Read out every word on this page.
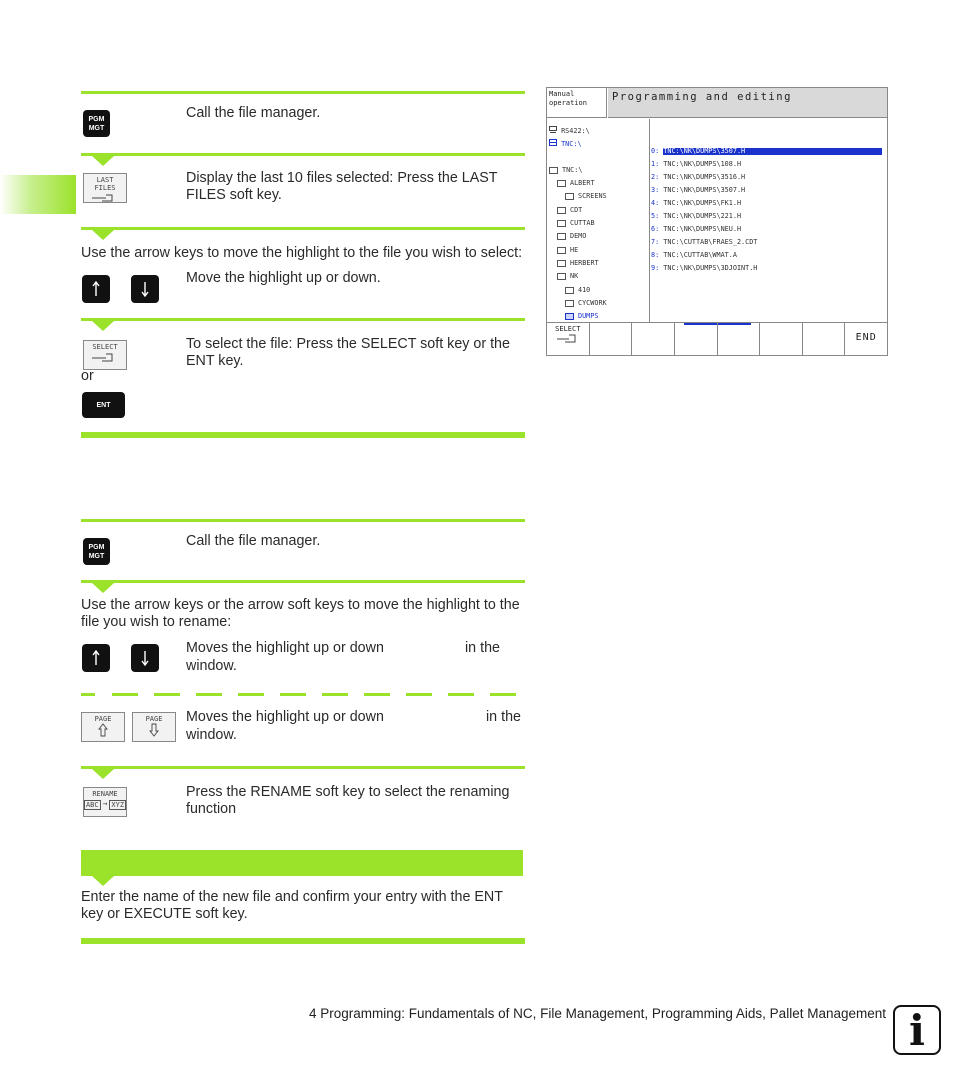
PGM
MGT
Call the file manager.
LAST
FILES
Display the last 10 files selected: Press the LAST FILES soft key.
Use the arrow keys to move the highlight to the file you wish to select:
Move the highlight up or down.
SELECT	To select the file: Press the SELECT soft key or the ENT key.
or
ENT
PGM
MGT
Call the file manager.
Use the arrow keys or the arrow soft keys to move the highlight to the file you wish to rename:
Moves the highlight up or down	in the
window.
PAGE	PAGE	Moves the highlight up or down	in the
window.
RENAME
ABC → XYZ
Press the RENAME soft key to select the renaming function
Enter the name of the new file and confirm your entry with the ENT key or EXECUTE soft key.
Manual
operation	Programming and editing
RS422:\
TNC:\
TNC:\
ALBERT
SCREENS
CDT
CUTTAB
DEMO
HE
HERBERT
NK
410
CYCWORK
DUMPS
0: TNC:\NK\DUMPS\3507.H
1: TNC:\NK\DUMPS\108.H
2: TNC:\NK\DUMPS\3516.H
3: TNC:\NK\DUMPS\3507.H
4: TNC:\NK\DUMPS\FK1.H
5: TNC:\NK\DUMPS\221.H
6: TNC:\NK\DUMPS\NEU.H
7: TNC:\CUTTAB\FRAES_2.CDT
8: TNC:\CUTTAB\WMAT.A
9: TNC:\NK\DUMPS\3DJOINT.H
SELECT
END
4 Programming: Fundamentals of NC, File Management, Programming Aids, Pallet Management i
